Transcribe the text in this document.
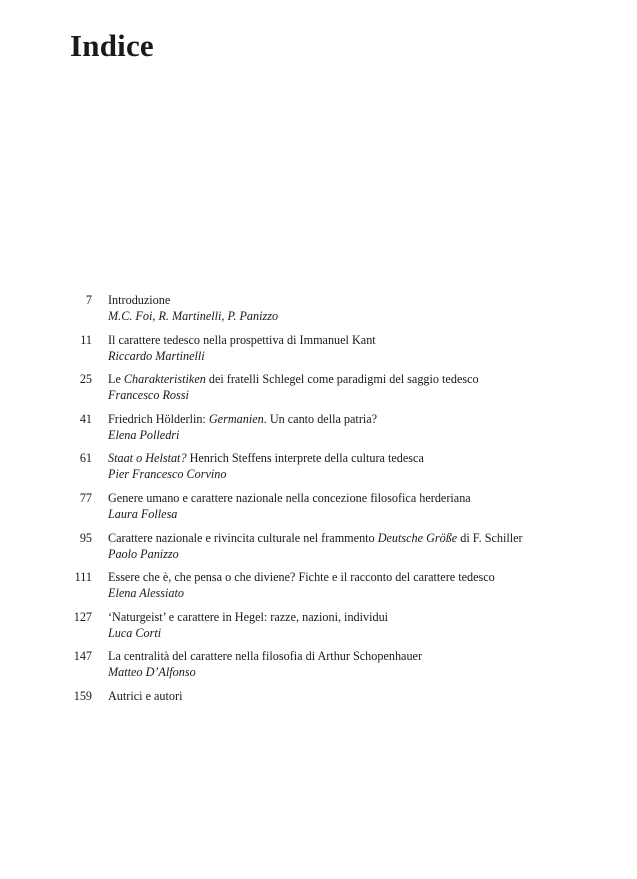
Indice
7 Introduzione
M.C. Foi, R. Martinelli, P. Panizzo
11 Il carattere tedesco nella prospettiva di Immanuel Kant
Riccardo Martinelli
25 Le Charakteristiken dei fratelli Schlegel come paradigmi del saggio tedesco
Francesco Rossi
41 Friedrich Hölderlin: Germanien. Un canto della patria?
Elena Polledri
61 Staat o Helstat? Henrich Steffens interprete della cultura tedesca
Pier Francesco Corvino
77 Genere umano e carattere nazionale nella concezione filosofica herderiana
Laura Follesa
95 Carattere nazionale e rivincita culturale nel frammento Deutsche Größe di F. Schiller
Paolo Panizzo
111 Essere che è, che pensa o che diviene? Fichte e il racconto del carattere tedesco
Elena Alessiato
127 ‘Naturgeist’ e carattere in Hegel: razze, nazioni, individui
Luca Corti
147 La centralità del carattere nella filosofia di Arthur Schopenhauer
Matteo D’Alfonso
159 Autrici e autori
